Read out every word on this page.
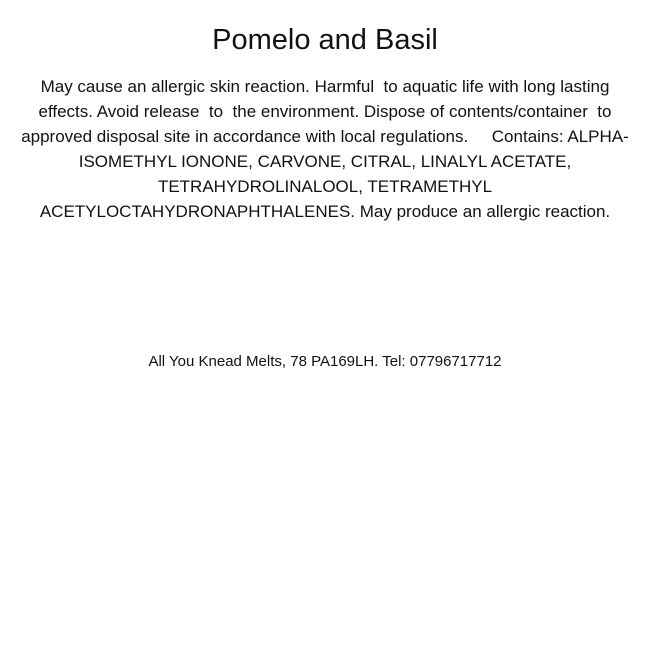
Pomelo and Basil

May cause an allergic skin reaction. Harmful  to aquatic life with long lasting effects. Avoid release  to  the environment. Dispose of contents/container  to approved disposal site in accordance with local regulations.     Contains: ALPHA-ISOMETHYL IONONE, CARVONE, CITRAL, LINALYL ACETATE, TETRAHYDROLINALOOL, TETRAMETHYL ACETYLOCTAHYDRONAPHTHALENES. May produce an allergic reaction.

All You Knead Melts, 78 PA169LH. Tel: 07796717712
